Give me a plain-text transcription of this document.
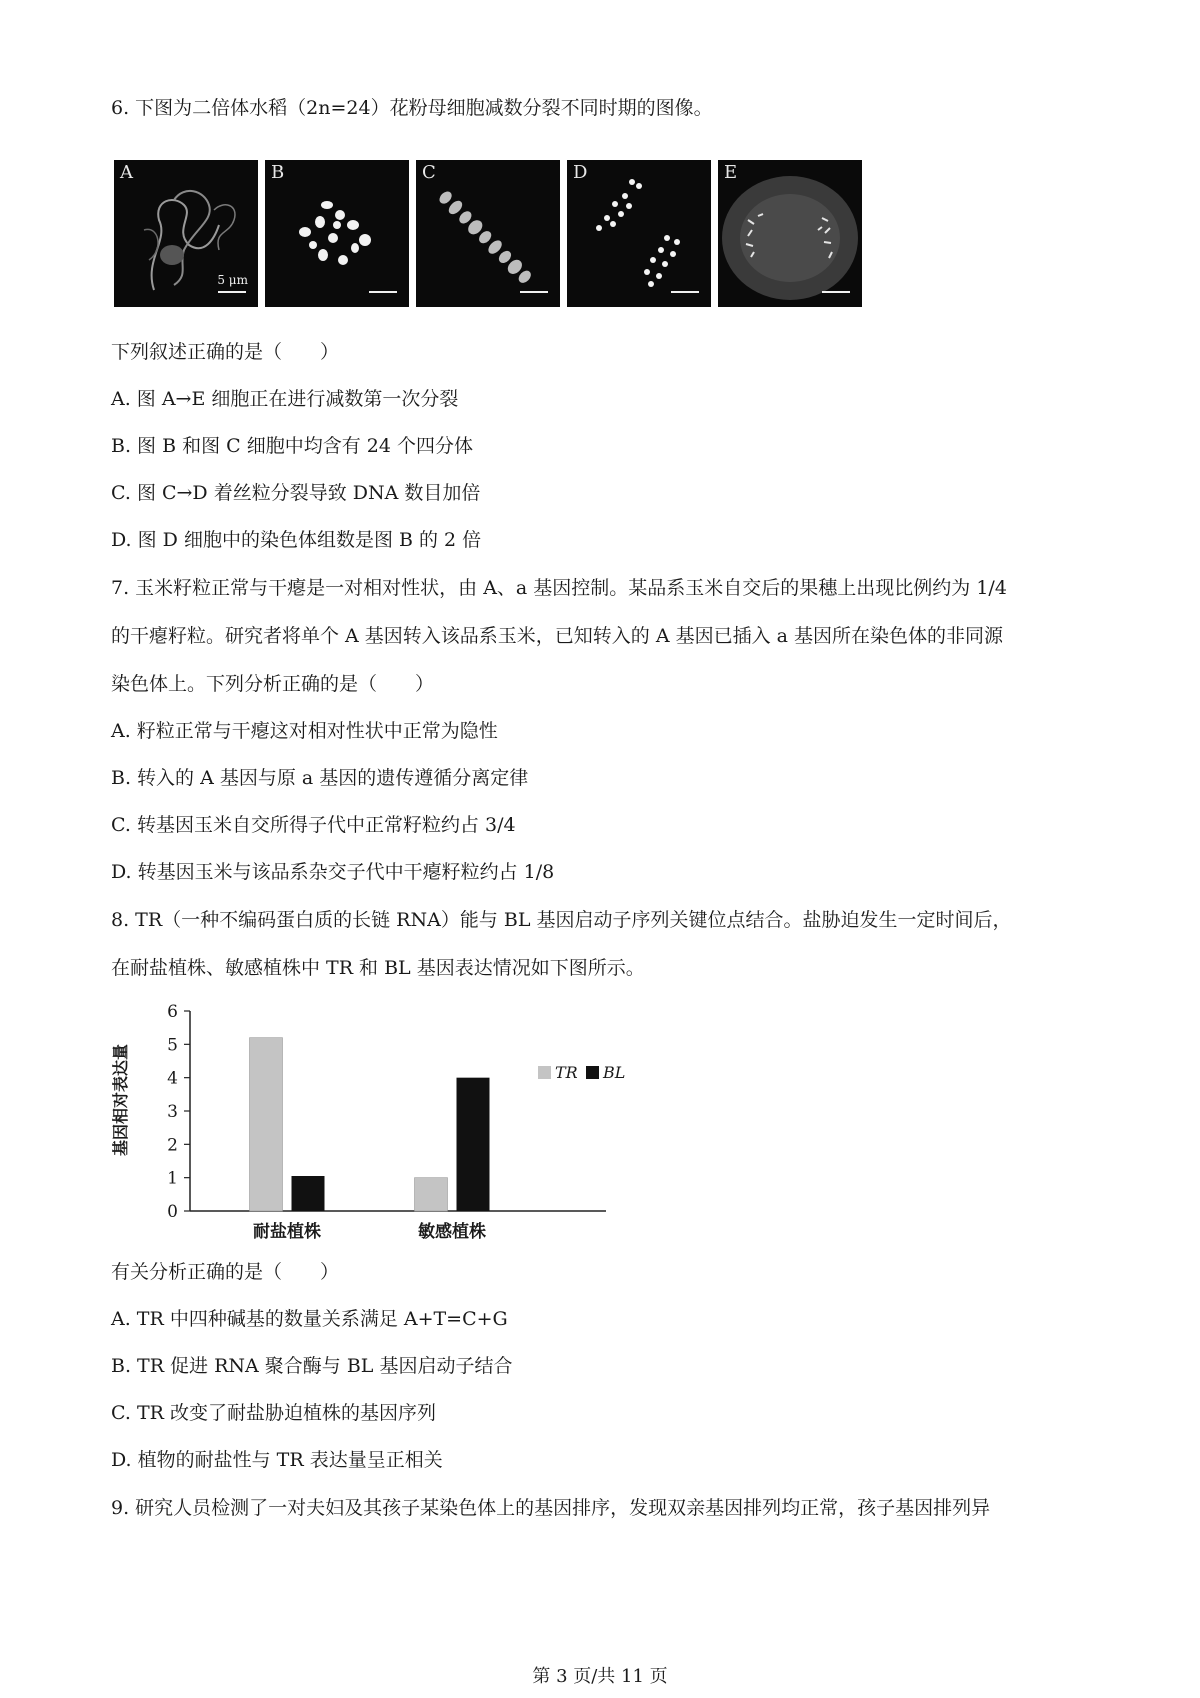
6. 下图为二倍体水稻（2n=24）花粉母细胞减数分裂不同时期的图像。
A
5 μm
B	C	D	E
下列叙述正确的是（　　）
A. 图 A→E 细胞正在进行减数第一次分裂
B. 图 B 和图 C 细胞中均含有 24 个四分体
C. 图 C→D 着丝粒分裂导致 DNA 数目加倍
D. 图 D 细胞中的染色体组数是图 B 的 2 倍
7. 玉米籽粒正常与干瘪是一对相对性状，由 A、a 基因控制。某品系玉米自交后的果穗上出现比例约为 1/4
的干瘪籽粒。研究者将单个 A 基因转入该品系玉米，已知转入的 A 基因已插入 a 基因所在染色体的非同源
染色体上。下列分析正确的是（　　）
A. 籽粒正常与干瘪这对相对性状中正常为隐性
B. 转入的 A 基因与原 a 基因的遗传遵循分离定律
C. 转基因玉米自交所得子代中正常籽粒约占 3/4
D. 转基因玉米与该品系杂交子代中干瘪籽粒约占 1/8
8. TR（一种不编码蛋白质的长链 RNA）能与 BL 基因启动子序列关键位点结合。盐胁迫发生一定时间后，
在耐盐植株、敏感植株中 TR 和 BL 基因表达情况如下图所示。
基因相对表达量
0
1
2
3
4
5
6
耐盐植株	敏感植株
TR BL
有关分析正确的是（　　）
A. TR 中四种碱基的数量关系满足 A+T=C+G
B. TR 促进 RNA 聚合酶与 BL 基因启动子结合
C. TR 改变了耐盐胁迫植株的基因序列
D. 植物的耐盐性与 TR 表达量呈正相关
9. 研究人员检测了一对夫妇及其孩子某染色体上的基因排序，发现双亲基因排列均正常，孩子基因排列异
第 3 页/共 11 页
